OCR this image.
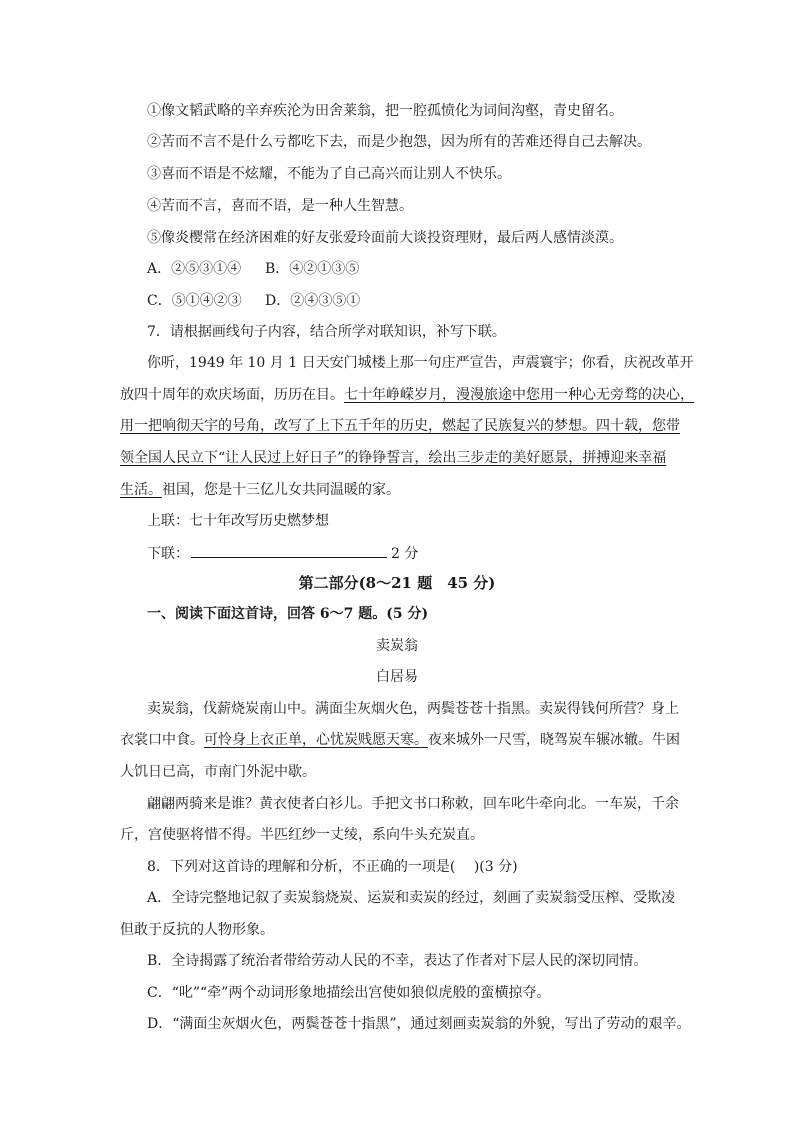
①像文韬武略的辛弃疾沦为田舍莱翁，把一腔孤愤化为词间沟壑，青史留名。
②苦而不言不是什么亏都吃下去，而是少抱怨，因为所有的苦难还得自己去解决。
③喜而不语是不炫耀，不能为了自己高兴而让别人不快乐。
④苦而不言，喜而不语，是一种人生智慧。
⑤像炎樱常在经济困难的好友张爱玲面前大谈投资理财，最后两人感情淡漠。
A．②⑤③①④ B．④②①③⑤
C．⑤①④②③ D．②④③⑤①
7．请根据画线句子内容，结合所学对联知识，补写下联。
你听，1949 年 10 月 1 日天安门城楼上那一句庄严宣告，声震寰宇；你看，庆祝改革开
放四十周年的欢庆场面，历历在目。七十年峥嵘岁月，漫漫旅途中您用一种心无旁骛的决心，
用一把响彻天宇的号角，改写了上下五千年的历史，燃起了民族复兴的梦想。四十载，您带
领全国人民立下“让人民过上好日子”的铮铮誓言，绘出三步走的美好愿景，拼搏迎来幸福
生活。祖国，您是十三亿儿女共同温暖的家。
上联：七十年改写历史燃梦想
下联：	2 分
第二部分(8～21 题　45 分)
一、阅读下面这首诗，回答 6～7 题。(5 分)
卖炭翁
白居易
卖炭翁，伐薪烧炭南山中。满面尘灰烟火色，两鬓苍苍十指黑。卖炭得钱何所营？身上
衣裳口中食。可怜身上衣正单，心忧炭贱愿天寒。夜来城外一尺雪，晓驾炭车辗冰辙。牛困
人饥日已高，市南门外泥中歇。
翩翩两骑来是谁？黄衣使者白衫儿。手把文书口称敕，回车叱牛牵向北。一车炭，千余
斤，宫使驱将惜不得。半匹红纱一丈绫，系向牛头充炭直。
8．下列对这首诗的理解和分析，不正确的一项是(　 )(3 分)
A．全诗完整地记叙了卖炭翁烧炭、运炭和卖炭的经过，刻画了卖炭翁受压榨、受欺凌
但敢于反抗的人物形象。
B．全诗揭露了统治者带给劳动人民的不幸，表达了作者对下层人民的深切同情。
C．“叱”“牵”两个动词形象地描绘出宫使如狼似虎般的蛮横掠夺。
D．“满面尘灰烟火色，两鬓苍苍十指黑”，通过刻画卖炭翁的外貌，写出了劳动的艰辛。
